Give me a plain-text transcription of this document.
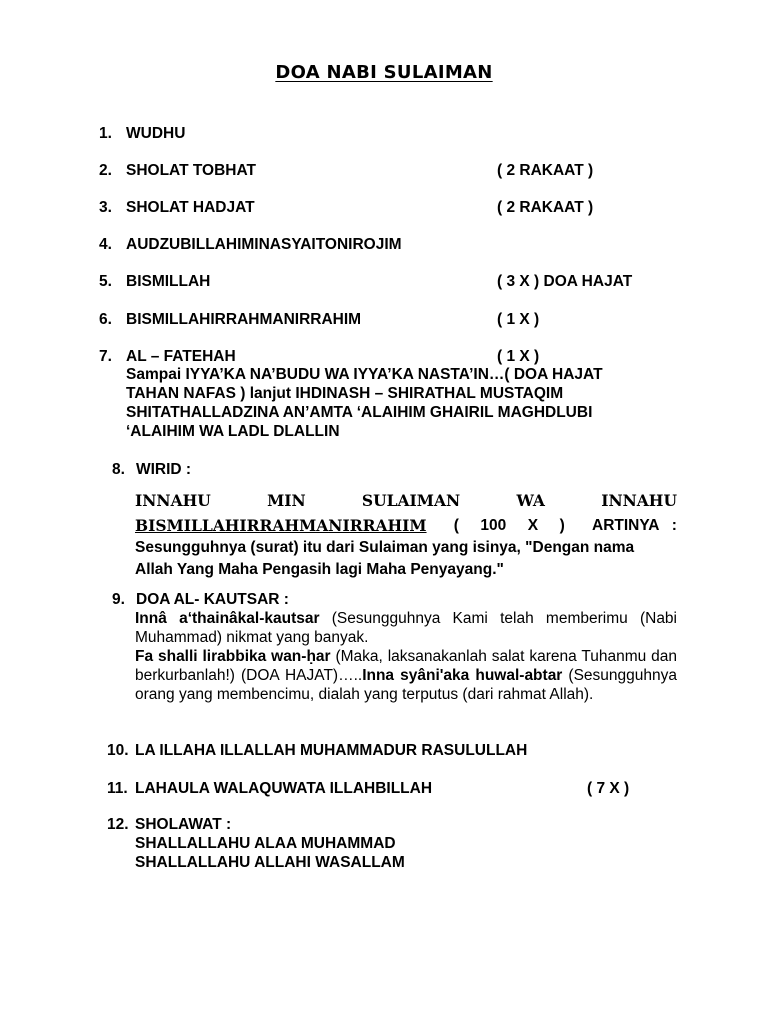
DOA NABI SULAIMAN
1. WUDHU
2. SHOLAT TOBHAT	( 2 RAKAAT )
3. SHOLAT HADJAT	( 2 RAKAAT )
4. AUDZUBILLAHIMINASYAITONIROJIM
5. BISMILLAH	( 3 X ) DOA HAJAT
6. BISMILLAHIRRAHMANIRRAHIM	( 1 X )
7. AL – FATEHAH	( 1 X )
Sampai IYYA’KA NA’BUDU WA IYYA’KA NASTA’IN…( DOA HAJAT
TAHAN NAFAS ) lanjut IHDINASH – SHIRATHAL MUSTAQIM
SHITATHALLADZINA AN’AMTA ‘ALAIHIM GHAIRIL MAGHDLUBI
‘ALAIHIM WA LADL DLALLIN
8. WIRID :
INNAHU	MIN	SULAIMAN	WA	INNAHU
BISMILLAHIRRAHMANIRRAHIM (     100     X     ) ARTINYA   :
Sesungguhnya (surat) itu dari Sulaiman yang isinya, "Dengan nama
Allah Yang Maha Pengasih lagi Maha Penyayang."
9. DOA AL- KAUTSAR :
Innâ a‘thainâkal-kautsar (Sesungguhnya Kami telah memberimu (Nabi Muhammad) nikmat yang banyak.
Fa shalli lirabbika wan-ḥar (Maka, laksanakanlah salat karena Tuhanmu dan berkurbanlah!) (DOA HAJAT)…..Inna syâni'aka huwal-abtar (Sesungguhnya orang yang membencimu, dialah yang terputus (dari rahmat Allah).
10. LA ILLAHA ILLALLAH MUHAMMADUR RASULULLAH
11. LAHAULA WALAQUWATA ILLAHBILLAH	( 7 X )
12. SHOLAWAT :
SHALLALLAHU ALAA MUHAMMAD
SHALLALLAHU ALLAHI WASALLAM
